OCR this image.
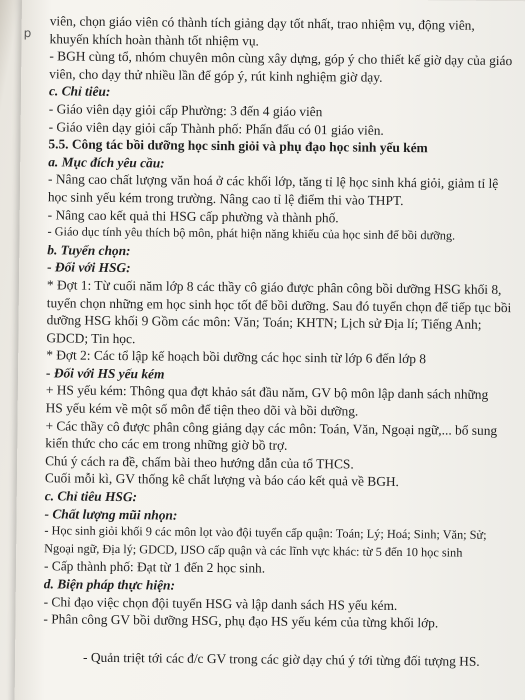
p

viên, chọn giáo viên có thành tích giảng dạy tốt nhất, trao nhiệm vụ, động viên,

khuyến khích hoàn thành tốt nhiệm vụ.

- BGH cùng tổ, nhóm chuyên môn cùng xây dựng, góp ý cho thiết kế giờ dạy của giáo

viên, cho dạy thử nhiều lần để góp ý, rút kinh nghiệm giờ dạy.

c. Chỉ tiêu:

- Giáo viên dạy giỏi cấp Phường: 3 đến 4 giáo viên

- Giáo viên dạy giỏi cấp Thành phố: Phấn đấu có 01 giáo viên.

5.5. Công tác bồi dưỡng học sinh giỏi và phụ đạo học sinh yếu kém

a. Mục đích yêu cầu:

- Nâng cao chất lượng văn hoá ở các khối lớp, tăng tỉ lệ học sinh khá giỏi, giảm tỉ lệ

học sinh yếu kém trong trường. Nâng cao tỉ lệ điểm thi vào THPT.

- Nâng cao kết quả thi HSG cấp phường và thành phố.

- Giáo dục tính yêu thích bộ môn, phát hiện năng khiếu của học sinh để bồi dưỡng.

b. Tuyển chọn:

- Đối với HSG:

* Đợt 1: Từ cuối năm lớp 8 các thầy cô giáo được phân công bồi dưỡng HSG khối 8,

tuyển chọn những em học sinh học tốt để bồi dưỡng. Sau đó tuyển chọn để tiếp tục bồi

dưỡng HSG khối 9 Gồm các môn: Văn; Toán; KHTN; Lịch sử Địa lí; Tiếng Anh;

GDCD; Tin học.

* Đợt 2: Các tổ lập kế hoạch bồi dưỡng các học sinh từ lớp 6 đến lớp 8

- Đối với HS yếu kém

+ HS yếu kém: Thông qua đợt khảo sát đầu năm, GV bộ môn lập danh sách những

HS yếu kém về một số môn để tiện theo dõi và bồi dưỡng.

+ Các thầy cô được phân công giảng dạy các môn: Toán, Văn, Ngoại ngữ,... bổ sung

kiến thức cho các em trong những giờ bồ trợ.

Chú ý cách ra đề, chấm bài theo hướng dẫn của tổ THCS.

Cuối mỗi kì, GV thống kê chất lượng và báo cáo kết quả về BGH.

c. Chỉ tiêu HSG:

- Chất lượng mũi nhọn:

- Học sinh giỏi khối 9 các môn lọt vào đội tuyển cấp quận: Toán; Lý; Hoá; Sinh; Văn; Sử;

Ngoại ngữ, Địa lý; GDCD, IJSO cấp quận và các lĩnh vực khác: từ 5 đến 10 học sinh

- Cấp thành phố: Đạt từ 1 đến 2 học sinh.

d. Biện pháp thực hiện:

- Chỉ đạo việc chọn đội tuyển HSG và lập danh sách HS yếu kém.

- Phân công GV bồi dưỡng HSG, phụ đạo HS yếu kém của từng khối lớp.

- Quản triệt tới các đ/c GV trong các giờ dạy chú ý tới từng đối tượng HS.
